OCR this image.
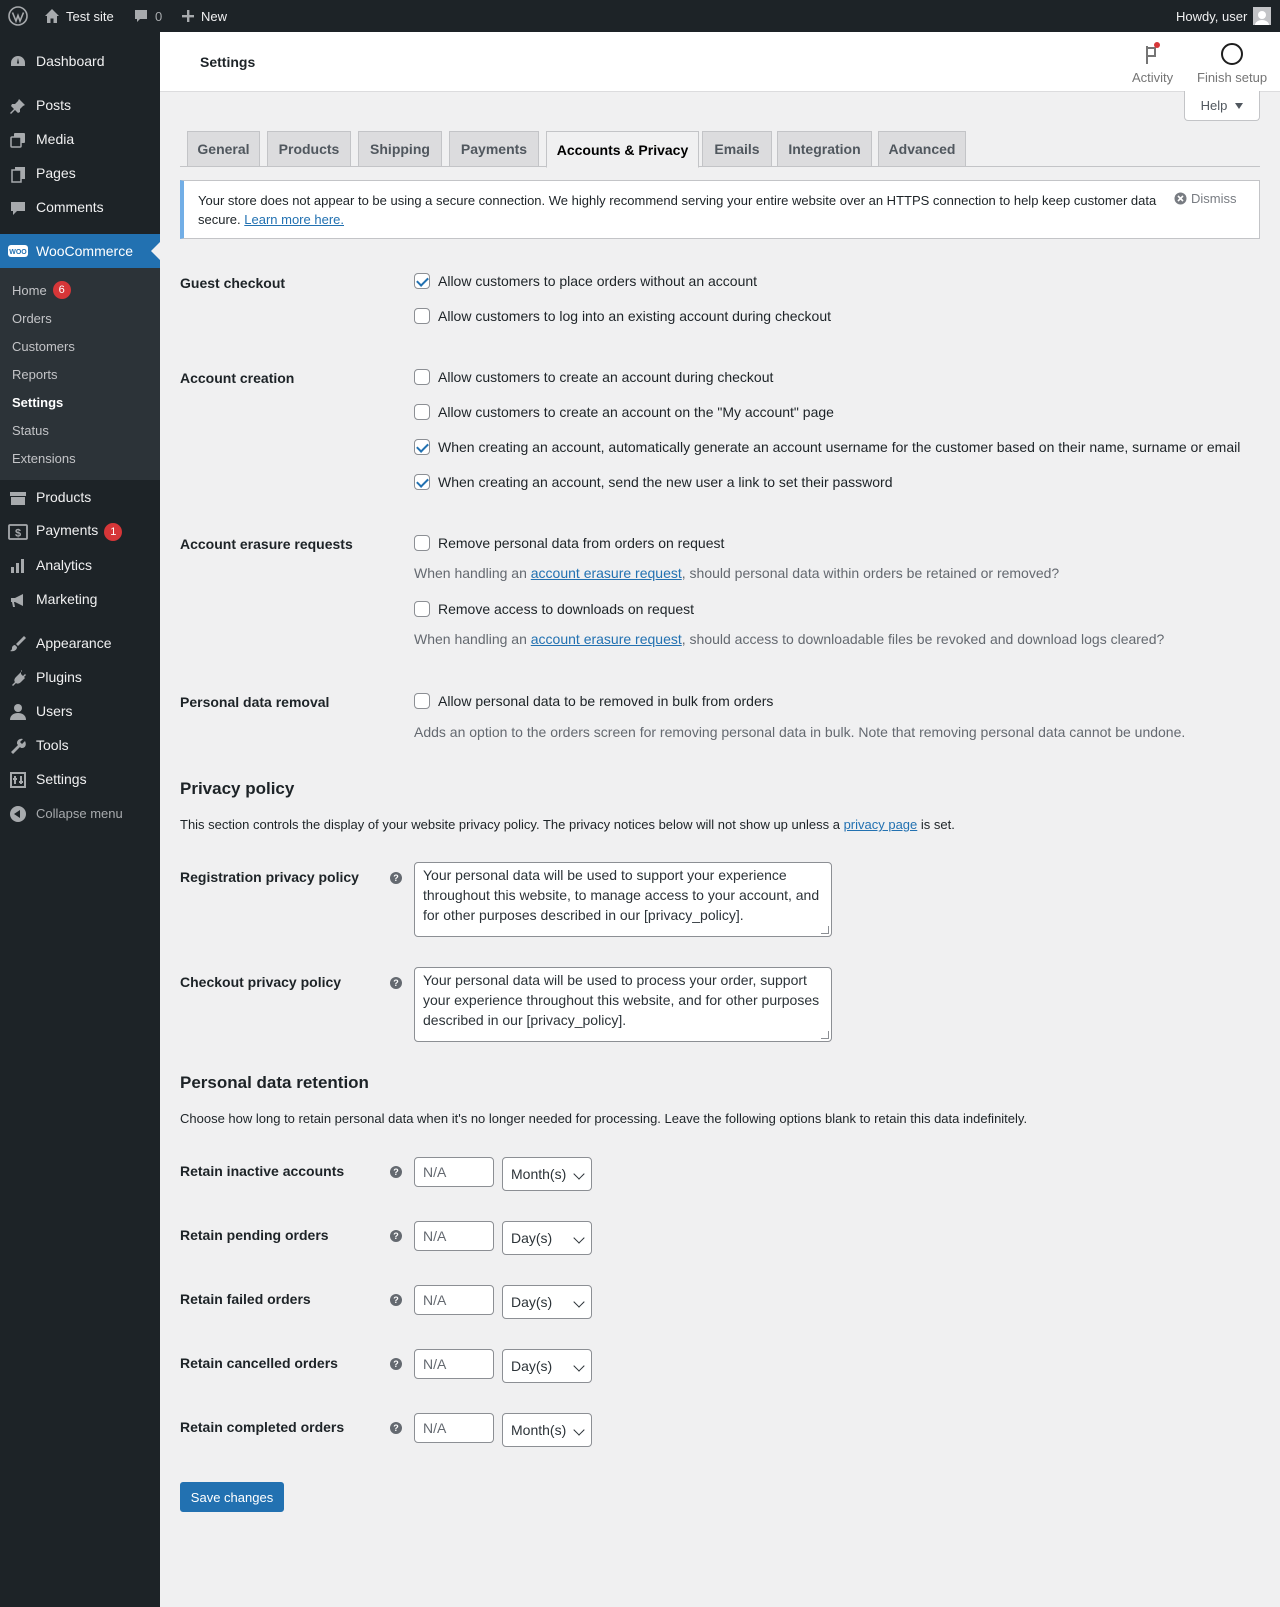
Test site	0	New	Howdy, user
Dashboard
Posts
Media
Pages
Comments
WOO WooCommerce
Home	6
Orders
Customers
Reports
Settings
Status
Extensions
Products
$ Payments 1
Analytics
Marketing
Appearance
Plugins
Users
Tools
Settings
Collapse menu
Settings
Activity Finish setup
Help
General	Products	Shipping	Payments	Accounts & Privacy	Emails	Integration	Advanced
Your store does not appear to be using a secure connection. We highly recommend serving your entire website over an HTTPS connection to help keep customer data secure. Learn more here.
Dismiss
Guest checkout	Allow customers to place orders without an account
Allow customers to log into an existing account during checkout
Account creation	Allow customers to create an account during checkout
Allow customers to create an account on the "My account" page
When creating an account, automatically generate an account username for the customer based on their name, surname or email
When creating an account, send the new user a link to set their password
Account erasure requests	Remove personal data from orders on request
When handling an account erasure request, should personal data within orders be retained or removed?
Remove access to downloads on request
When handling an account erasure request, should access to downloadable files be revoked and download logs cleared?
Personal data removal	Allow personal data to be removed in bulk from orders
Adds an option to the orders screen for removing personal data in bulk. Note that removing personal data cannot be undone.
Privacy policy
This section controls the display of your website privacy policy. The privacy notices below will not show up unless a privacy page is set.
Registration privacy policy	?	Your personal data will be used to support your experience throughout this website, to manage access to your account, and for other purposes described in our [privacy_policy].
Checkout privacy policy	?	Your personal data will be used to process your order, support your experience throughout this website, and for other purposes described in our [privacy_policy].
Personal data retention
Choose how long to retain personal data when it's no longer needed for processing. Leave the following options blank to retain this data indefinitely.
Retain inactive accounts	?	N/A	Month(s)
Retain pending orders	?	N/A	Day(s)
Retain failed orders	?	N/A	Day(s)
Retain cancelled orders	?	N/A	Day(s)
Retain completed orders	?	N/A	Month(s)
Save changes
